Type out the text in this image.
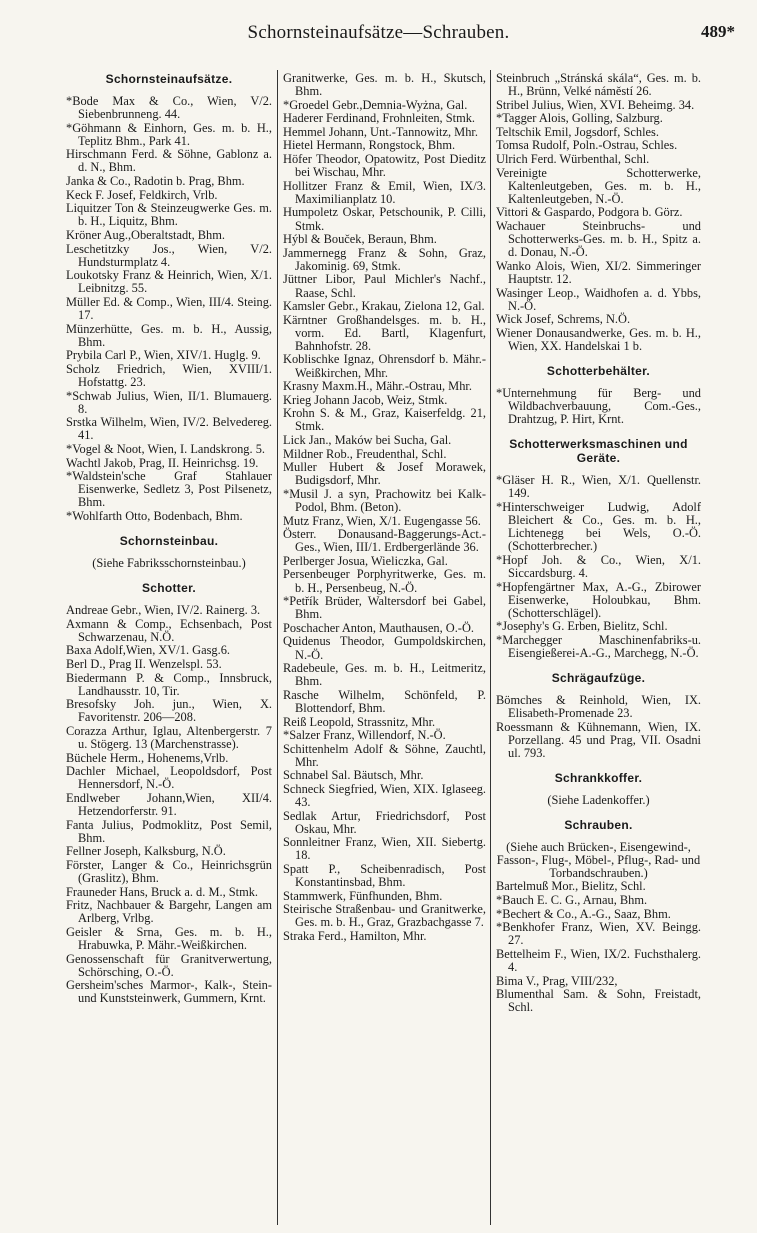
Schornsteinaufsätze—Schrauben.	489*
Schornsteinaufsätze.
*Bode Max & Co., Wien, V/2. Siebenbrunneng. 44.
*Göhmann & Einhorn, Ges. m. b. H., Teplitz Bhm., Park 41.
Hirschmann Ferd. & Söhne, Gablonz a. d. N., Bhm.
Janka & Co., Radotin b. Prag, Bhm.
Keck F. Josef, Feldkirch, Vrlb.
Liquitzer Ton & Steinzeugwerke Ges. m. b. H., Liquitz, Bhm.
Kröner Aug.,Oberaltstadt, Bhm.
Leschetitzky Jos., Wien, V/2. Hundsturmplatz 4.
Loukotsky Franz & Heinrich, Wien, X/1. Leibnitzg. 55.
Müller Ed. & Comp., Wien, III/4. Steing. 17.
Münzerhütte, Ges. m. b. H., Aussig, Bhm.
Prybila Carl P., Wien, XIV/1. Huglg. 9.
Scholz Friedrich, Wien, XVIII/1. Hofstattg. 23.
*Schwab Julius, Wien, II/1. Blumauerg. 8.
Srstka Wilhelm, Wien, IV/2. Belvedereg. 41.
*Vogel & Noot, Wien, I. Landskrong. 5.
Wachtl Jakob, Prag, II. Heinrichsg. 19.
*Waldstein'sche Graf Stahlauer Eisenwerke, Sedletz 3, Post Pilsenetz, Bhm.
*Wohlfarth Otto, Bodenbach, Bhm.
Schornsteinbau.
(Siehe Fabriksschornsteinbau.)
Schotter.
Andreae Gebr., Wien, IV/2. Rainerg. 3.
Axmann & Comp., Echsenbach, Post Schwarzenau, N.Ö.
Baxa Adolf,Wien, XV/1. Gasg.6.
Berl D., Prag II. Wenzelspl. 53.
Biedermann P. & Comp., Innsbruck, Landhausstr. 10, Tir.
Bresofsky Joh. jun., Wien, X. Favoritenstr. 206—208.
Corazza Arthur, Iglau, Altenbergerstr. 7 u. Stögerg. 13 (Marchenstrasse).
Büchele Herm., Hohenems,Vrlb.
Dachler Michael, Leopoldsdorf, Post Hennersdorf, N.-Ö.
Endlweber Johann,Wien, XII/4. Hetzendorferstr. 91.
Fanta Julius, Podmoklitz, Post Semil, Bhm.
Fellner Joseph, Kalksburg, N.Ö.
Förster, Langer & Co., Heinrichsgrün (Graslitz), Bhm.
Frauneder Hans, Bruck a. d. M., Stmk.
Fritz, Nachbauer & Bargehr, Langen am Arlberg, Vrlbg.
Geisler & Srna, Ges. m. b. H., Hrabuwka, P. Mähr.-Weißkirchen.
Genossenschaft für Granitverwertung, Schörsching, O.-Ö.
Gersheim'sches Marmor-, Kalk-, Stein- und Kunststeinwerk, Gummern, Krnt.
Granitwerke, Ges. m. b. H., Skutsch, Bhm.
*Groedel Gebr.,Demnia-Wyżna, Gal.
Haderer Ferdinand, Frohnleiten, Stmk.
Hemmel Johann, Unt.-Tannowitz, Mhr.
Hietel Hermann, Rongstock, Bhm.
Höfer Theodor, Opatowitz, Post Dieditz bei Wischau, Mhr.
Hollitzer Franz & Emil, Wien, IX/3. Maximilianplatz 10.
Humpoletz Oskar, Petschounik, P. Cilli, Stmk.
Hýbl & Bouček, Beraun, Bhm.
Jammernegg Franz & Sohn, Graz, Jakominig. 69, Stmk.
Jüttner Libor, Paul Michler's Nachf., Raase, Schl.
Kamsler Gebr., Krakau, Zielona 12, Gal.
Kärntner Großhandelsges. m. b. H., vorm. Ed. Bartl, Klagenfurt, Bahnhofstr. 28.
Koblischke Ignaz, Ohrensdorf b. Mähr.-Weißkirchen, Mhr.
Krasny Maxm.H., Mähr.-Ostrau, Mhr.
Krieg Johann Jacob, Weiz, Stmk.
Krohn S. & M., Graz, Kaiserfeldg. 21, Stmk.
Lick Jan., Maków bei Sucha, Gal.
Mildner Rob., Freudenthal, Schl.
Muller Hubert & Josef Morawek, Budigsdorf, Mhr.
*Musil J. a syn, Prachowitz bei Kalk-Podol, Bhm. (Beton).
Mutz Franz, Wien, X/1. Eugengasse 56.
Österr. Donausand-Baggerungs-Act.-Ges., Wien, III/1. Erdbergerlände 36.
Perlberger Josua, Wieliczka, Gal.
Persenbeuger Porphyritwerke, Ges. m. b. H., Persenbeug, N.-Ö.
*Petřík Brüder, Waltersdorf bei Gabel, Bhm.
Poschacher Anton, Mauthausen, O.-Ö.
Quidenus Theodor, Gumpoldskirchen, N.-Ö.
Radebeule, Ges. m. b. H., Leitmeritz, Bhm.
Rasche Wilhelm, Schönfeld, P. Blottendorf, Bhm.
Reiß Leopold, Strassnitz, Mhr.
*Salzer Franz, Willendorf, N.-Ö.
Schittenhelm Adolf & Söhne, Zauchtl, Mhr.
Schnabel Sal. Bäutsch, Mhr.
Schneck Siegfried, Wien, XIX. Iglaseeg. 43.
Sedlak Artur, Friedrichsdorf, Post Oskau, Mhr.
Sonnleitner Franz, Wien, XII. Siebertg. 18.
Spatt P., Scheibenradisch, Post Konstantinsbad, Bhm.
Stammwerk, Fünfhunden, Bhm.
Steirische Straßenbau- und Granitwerke, Ges. m. b. H., Graz, Grazbachgasse 7.
Straka Ferd., Hamilton, Mhr.
Steinbruch „Stránská skála“, Ges. m. b. H., Brünn, Velké náměstí 26.
Stribel Julius, Wien, XVI. Beheimg. 34.
*Tagger Alois, Golling, Salzburg.
Teltschik Emil, Jogsdorf, Schles.
Tomsa Rudolf, Poln.-Ostrau, Schles.
Ulrich Ferd. Würbenthal, Schl.
Vereinigte Schotterwerke, Kaltenleutgeben, Ges. m. b. H., Kaltenleutgeben, N.-Ö.
Vittori & Gaspardo, Podgora b. Görz.
Wachauer Steinbruchs- und Schotterwerks-Ges. m. b. H., Spitz a. d. Donau, N.-Ö.
Wanko Alois, Wien, XI/2. Simmeringer Hauptstr. 12.
Wasinger Leop., Waidhofen a. d. Ybbs, N.-Ö.
Wick Josef, Schrems, N.Ö.
Wiener Donausandwerke, Ges. m. b. H., Wien, XX. Handelskai 1 b.
Schotterbehälter.
*Unternehmung für Berg- und Wildbachverbauung, Com.-Ges., Drahtzug, P. Hirt, Krnt.
Schotterwerksmaschinen und Geräte.
*Gläser H. R., Wien, X/1. Quellenstr. 149.
*Hinterschweiger Ludwig, Adolf Bleichert & Co., Ges. m. b. H., Lichtenegg bei Wels, O.-Ö. (Schotterbrecher.)
*Hopf Joh. & Co., Wien, X/1. Siccardsburg. 4.
*Hopfengärtner Max, A.-G., Zbirower Eisenwerke, Holoubkau, Bhm. (Schotterschlägel).
*Josephy's G. Erben, Bielitz, Schl.
*Marchegger Maschinenfabriks-u. Eisengießerei-A.-G., Marchegg, N.-Ö.
Schrägaufzüge.
Bömches & Reinhold, Wien, IX. Elisabeth-Promenade 23.
Roessmann & Kühnemann, Wien, IX. Porzellang. 45 und Prag, VII. Osadni ul. 793.
Schrankkoffer.
(Siehe Ladenkoffer.)
Schrauben.
(Siehe auch Brücken-, Eisengewind-, Fasson-, Flug-, Möbel-, Pflug-, Rad- und Torbandschrauben.)
Bartelmuß Mor., Bielitz, Schl.
*Bauch E. C. G., Arnau, Bhm.
*Bechert & Co., A.-G., Saaz, Bhm.
*Benkhofer Franz, Wien, XV. Beingg. 27.
Bettelheim F., Wien, IX/2. Fuchsthalerg. 4.
Bima V., Prag, VIII/232,
Blumenthal Sam. & Sohn, Freistadt, Schl.
